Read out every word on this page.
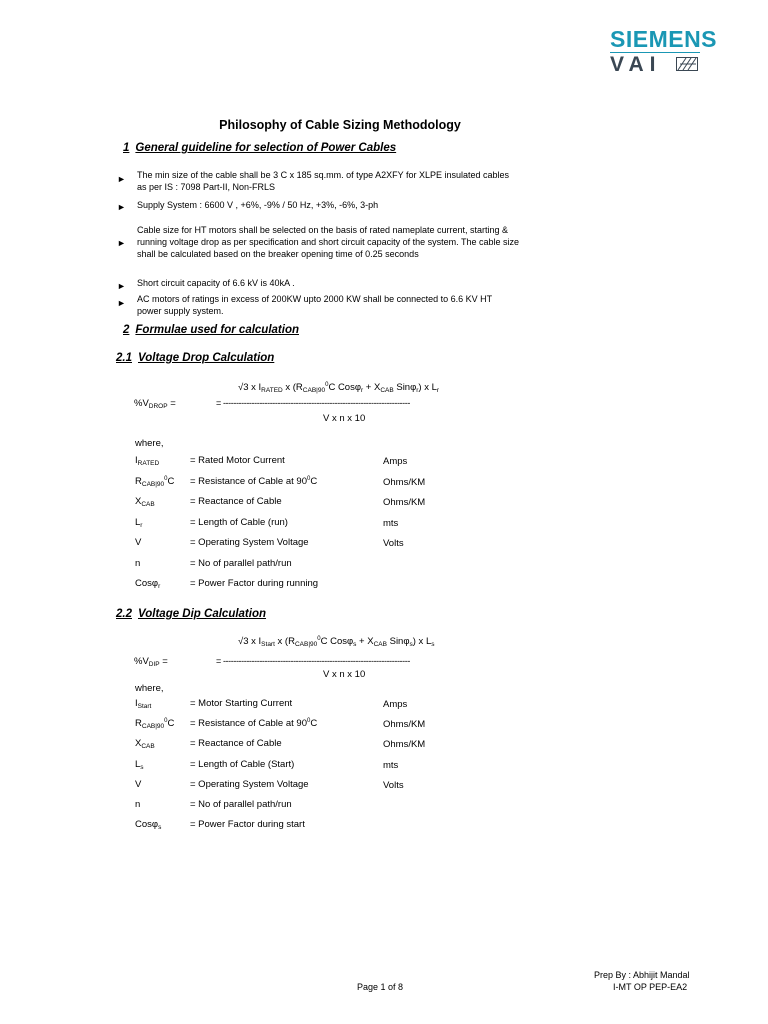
SIEMENS
VAI
Philosophy of Cable Sizing Methodology
1 General guideline for selection of Power Cables
► The min size of the cable shall be 3 C x 185 sq.mm. of type A2XFY for XLPE insulated cables
as per IS : 7098 Part-II, Non-FRLS
► Supply System : 6600 V , +6%, -9% / 50 Hz, +3%, -6%, 3-ph
►
Cable size for HT motors shall be selected on the basis of rated nameplate current, starting &
running voltage drop as per specification and short circuit capacity of the system. The cable size
shall be calculated based on the breaker opening time of 0.25 seconds
► Short circuit capacity of 6.6 kV is 40kA .
► AC motors of ratings in excess of 200KW upto 2000 KW shall be connected to 6.6 KV HT
power supply system.
2 Formulae used for calculation
2.1 Voltage Drop Calculation
√3 x $I_{RATED}$ x ($R_{CAB|90}^0C$ $Cos\varphi_r + X_{CAB}$ Sinφ$_r$) x $L_r$
$\%V_{DROP}$ =	= ------------------------------------------------------------------------
V x n x 10
where,
$I_{RATED}$	= Rated Motor Current	Amps
$R_{CAB|90}^0C$ = Resistance of Cable at $90^0C$	Ohms/KM
$X_{CAB}$	= Reactance of Cable	Ohms/KM
$L_r$	= Length of Cable (run)	mts
V	= Operating System Voltage	Volts
n	= No of parallel path/run
Cosφ$_r$	= Power Factor during running
2.2 Voltage Dip Calculation
√3 x $I_{Start}$ x ($R_{CAB|90}^0C$ $Cos\varphi_s + X_{CAB}$ Sinφ$_s$) x $L_s$
$\%V_{DIP}$ =	= ------------------------------------------------------------------------
V x n x 10
where,
$I_{Start}$	= Motor Starting Current	Amps
$R_{CAB|90}^0C$ = Resistance of Cable at $90^0C$	Ohms/KM
$X_{CAB}$	= Reactance of Cable	Ohms/KM
$L_s$	= Length of Cable (Start)	mts
V	= Operating System Voltage	Volts
n	= No of parallel path/run
Cosφ$_s$	= Power Factor during start
Page 1 of 8
Prep By : Abhijit Mandal
I-MT OP PEP-EA2
